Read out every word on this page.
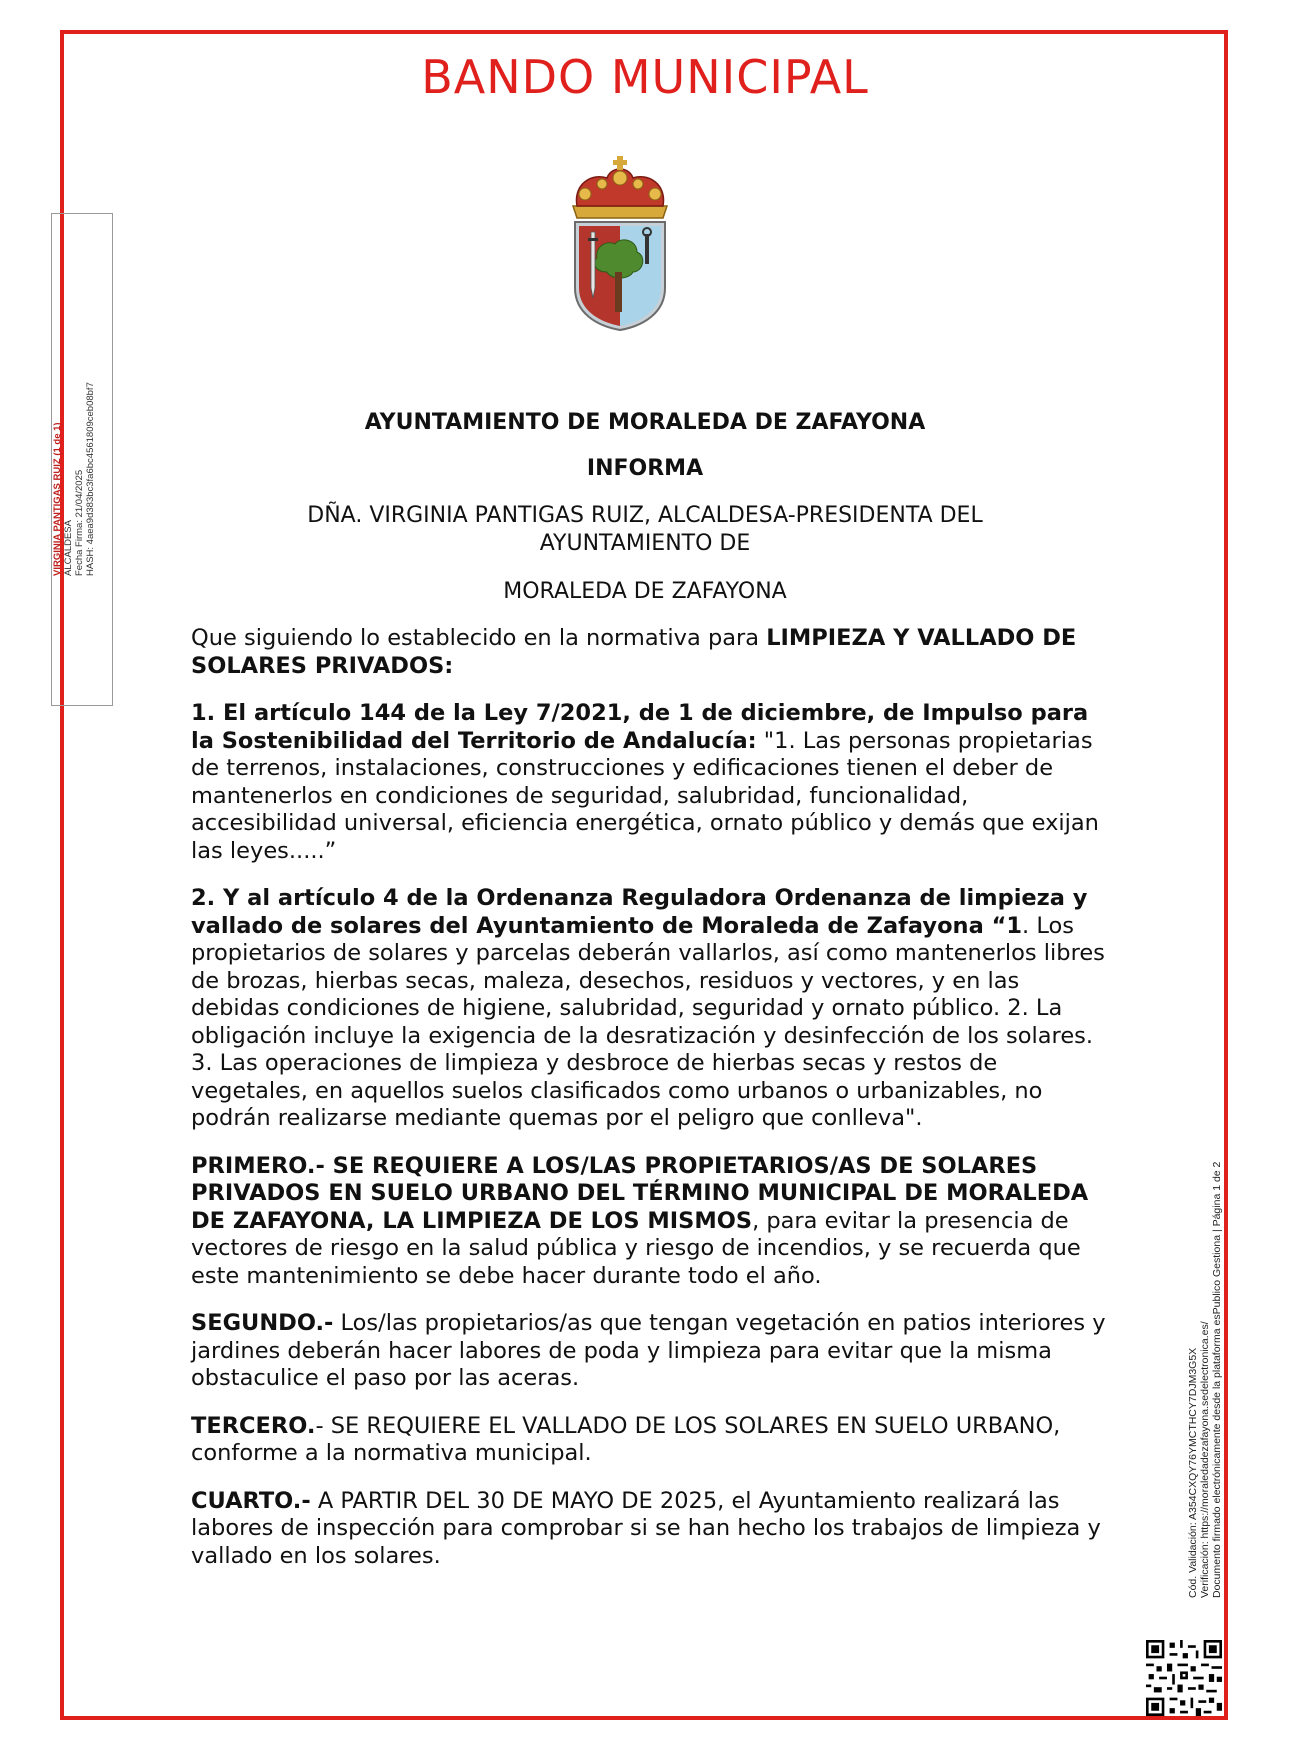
BANDO MUNICIPAL
VIRGINIA PANTIGAS RUIZ (1 de 1) ALCALDESA Fecha Firma: 21/04/2025 HASH: 4aea9d383bc3fa6bc4561809ceb08bf7	AYUNTAMIENTO DE MORALEDA DE ZAFAYONA
INFORMA
DÑA. VIRGINIA PANTIGAS RUIZ, ALCALDESA-PRESIDENTA DEL
AYUNTAMIENTO DE
MORALEDA DE ZAFAYONA

Que siguiendo lo establecido en la normativa para LIMPIEZA Y VALLADO DE SOLARES PRIVADOS:

1. El artículo 144 de la Ley 7/2021, de 1 de diciembre, de Impulso para la Sostenibilidad del Territorio de Andalucía: "1. Las personas propietarias de terrenos, instalaciones, construcciones y edificaciones tienen el deber de mantenerlos en condiciones de seguridad, salubridad, funcionalidad, accesibilidad universal, eficiencia energética, ornato público y demás que exijan las leyes.....”

2. Y al artículo 4 de la Ordenanza Reguladora Ordenanza de limpieza y vallado de solares del Ayuntamiento de Moraleda de Zafayona “1. Los propietarios de solares y parcelas deberán vallarlos, así como mantenerlos libres de brozas, hierbas secas, maleza, desechos, residuos y vectores, y en las debidas condiciones de higiene, salubridad, seguridad y ornato público. 2. La obligación incluye la exigencia de la desratización y desinfección de los solares. 3. Las operaciones de limpieza y desbroce de hierbas secas y restos de vegetales, en aquellos suelos clasificados como urbanos o urbanizables, no podrán realizarse mediante quemas por el peligro que conlleva".

PRIMERO.- SE REQUIERE A LOS/LAS PROPIETARIOS/AS DE SOLARES PRIVADOS EN SUELO URBANO DEL TÉRMINO MUNICIPAL DE MORALEDA DE ZAFAYONA, LA LIMPIEZA DE LOS MISMOS, para evitar la presencia de vectores de riesgo en la salud pública y riesgo de incendios, y se recuerda que este mantenimiento se debe hacer durante todo el año.

SEGUNDO.- Los/las propietarios/as que tengan vegetación en patios interiores y jardines deberán hacer labores de poda y limpieza para evitar que la misma obstaculice el paso por las aceras.

TERCERO.- SE REQUIERE EL VALLADO DE LOS SOLARES EN SUELO URBANO, conforme a la normativa municipal.

CUARTO.- A PARTIR DEL 30 DE MAYO DE 2025, el Ayuntamiento realizará las labores de inspección para comprobar si se han hecho los trabajos de limpieza y vallado en los solares.	Cód. Validación: A354CXQY76YMCTHCY7DJM3G5X Verificación: https://moraledadezafayona.sedelectronica.es/ Documento firmado electrónicamente desde la plataforma esPublico Gestiona | Página 1 de 2
